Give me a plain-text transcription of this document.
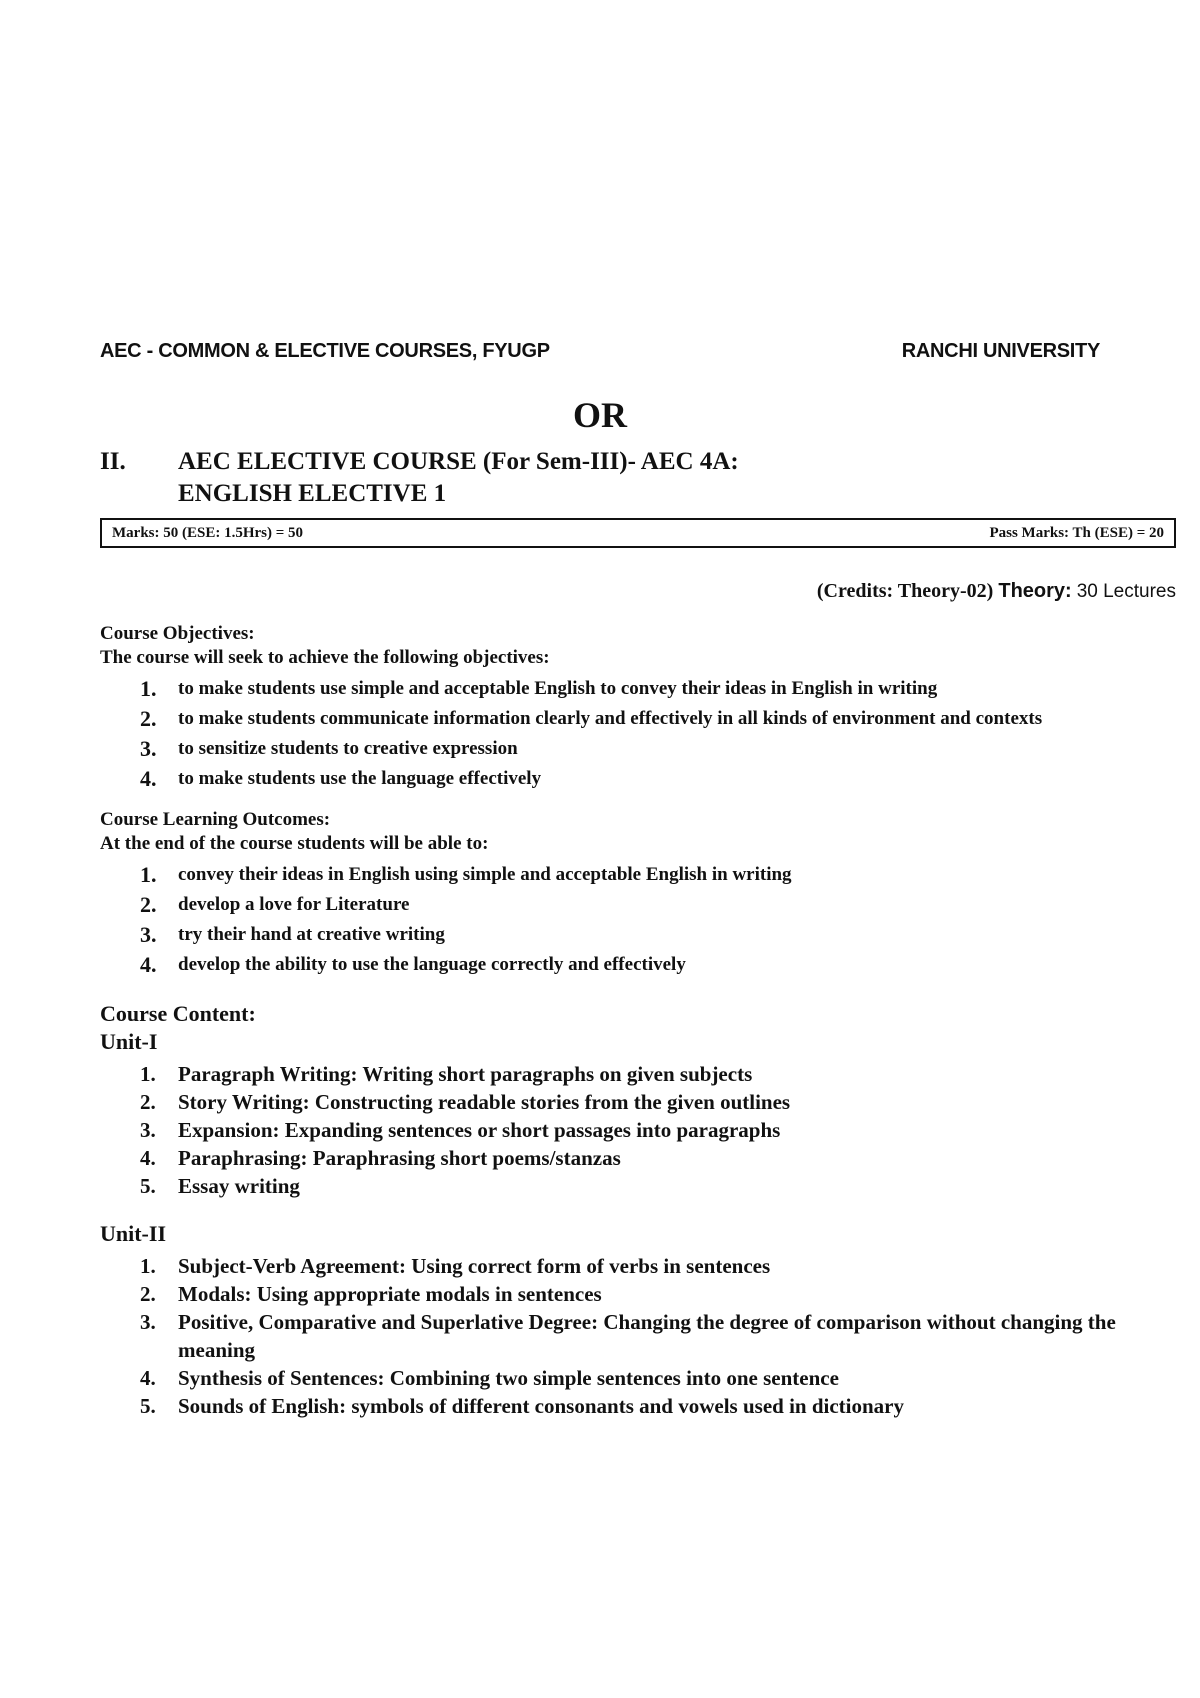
AEC - COMMON & ELECTIVE COURSES, FYUGP	RANCHI UNIVERSITY
OR
II.	AEC ELECTIVE COURSE (For Sem-III)- AEC 4A:
ENGLISH ELECTIVE 1
Marks: 50 (ESE: 1.5Hrs) = 50	Pass Marks: Th (ESE) = 20
(Credits: Theory-02) Theory: 30 Lectures
Course Objectives:
The course will seek to achieve the following objectives:
1. to make students use simple and acceptable English to convey their ideas in English in writing
2. to make students communicate information clearly and effectively in all kinds of environment and contexts
3. to sensitize students to creative expression
4. to make students use the language effectively
Course Learning Outcomes:
At the end of the course students will be able to:
1. convey their ideas in English using simple and acceptable English in writing
2. develop a love for Literature
3. try their hand at creative writing
4. develop the ability to use the language correctly and effectively
Course Content:
Unit-I
1. Paragraph Writing: Writing short paragraphs on given subjects
2. Story Writing: Constructing readable stories from the given outlines
3. Expansion: Expanding sentences or short passages into paragraphs
4. Paraphrasing: Paraphrasing short poems/stanzas
5. Essay writing
Unit-II
1. Subject-Verb Agreement: Using correct form of verbs in sentences
2. Modals: Using appropriate modals in sentences
3. Positive, Comparative and Superlative Degree: Changing the degree of comparison without changing the meaning
4. Synthesis of Sentences: Combining two simple sentences into one sentence
5. Sounds of English: symbols of different consonants and vowels used in dictionary
